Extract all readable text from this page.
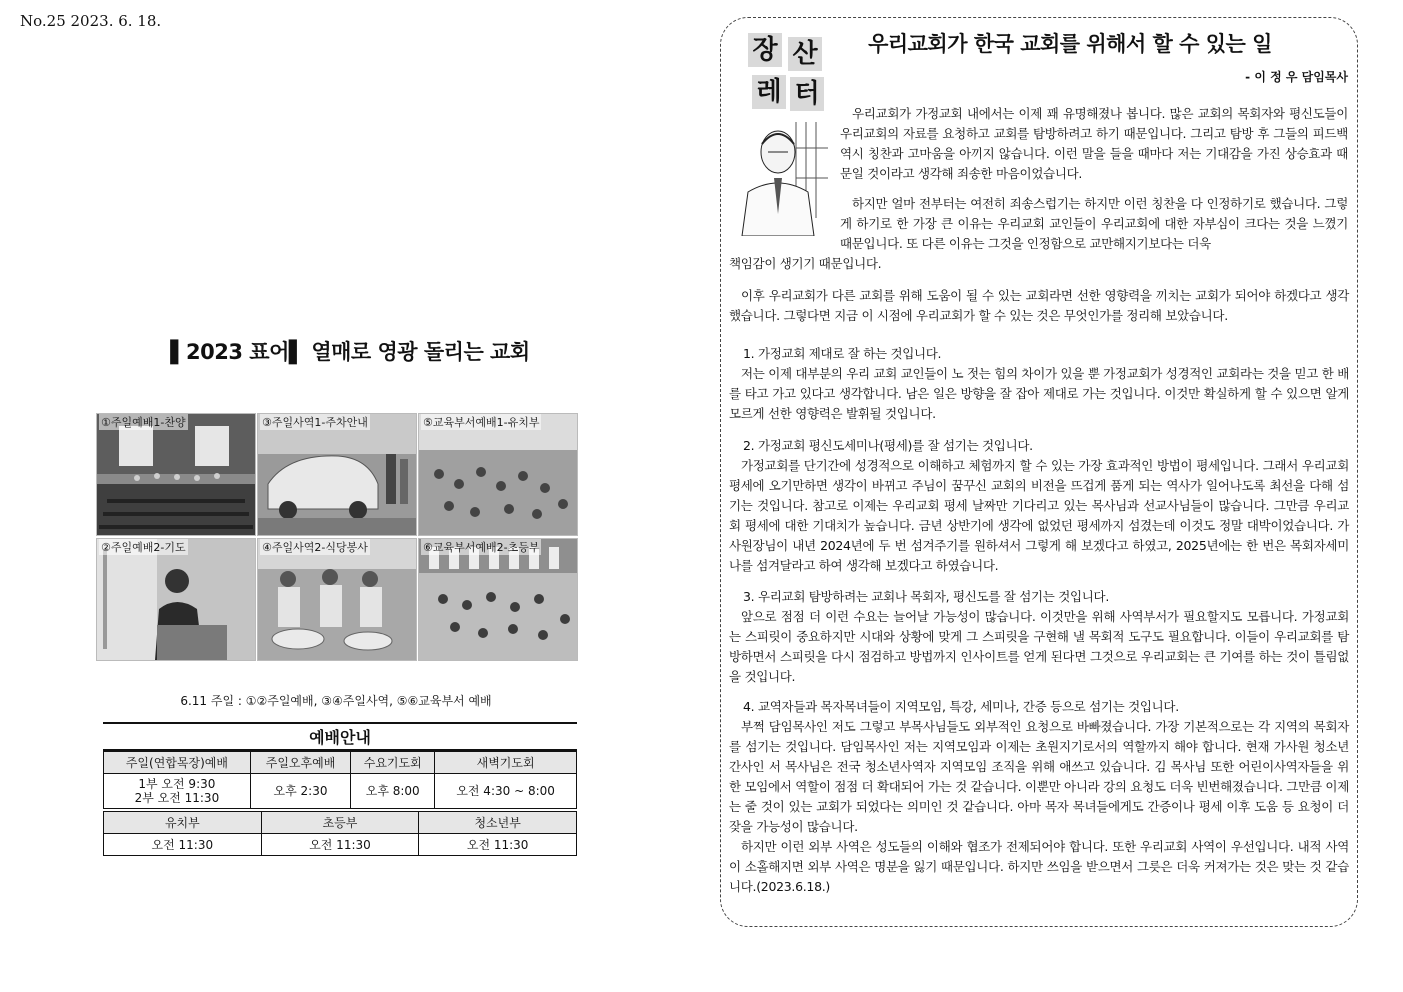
No.25 2023. 6. 18.
▌2023 표어▌ 열매로 영광 돌리는 교회
①주일예배1-찬양	③주일사역1-주차안내	⑤교육부서예배1-유치부
②주일예배2-기도	④주일사역2-식당봉사	⑥교육부서예배2-초등부
6.11 주일 : ①②주일예배, ③④주일사역, ⑤⑥교육부서 예배
예배안내
주일(연합목장)예배	주일오후예배	수요기도회	새벽기도회
1부 오전 9:30
2부 오전 11:30	오후 2:30	오후 8:00	오전 4:30 ~ 8:00
유치부	초등부	청소년부
오전 11:30	오전 11:30	오전 11:30
장 산
레 터
우리교회가 한국 교회를 위해서 할 수 있는 일
- 이 정 우 담임목사

우리교회가 가정교회 내에서는 이제 꽤 유명해졌나 봅니다. 많은 교회의 목회자와 평신도들이 우리교회의 자료를 요청하고 교회를 탐방하려고 하기 때문입니다. 그리고 탐방 후 그들의 피드백 역시 칭찬과 고마움을 아끼지 않습니다. 이런 말을 들을 때마다 저는 기대감을 가진 상승효과 때문일 것이라고 생각해 죄송한 마음이었습니다.

하지만 얼마 전부터는 여전히 죄송스럽기는 하지만 이런 칭찬을 다 인정하기로 했습니다. 그렇게 하기로 한 가장 큰 이유는 우리교회 교인들이 우리교회에 대한 자부심이 크다는 것을 느꼈기 때문입니다. 또 다른 이유는 그것을 인정함으로 교만해지기보다는 더욱

책임감이 생기기 때문입니다.

이후 우리교회가 다른 교회를 위해 도움이 될 수 있는 교회라면 선한 영향력을 끼치는 교회가 되어야 하겠다고 생각했습니다. 그렇다면 지금 이 시점에 우리교회가 할 수 있는 것은 무엇인가를 정리해 보았습니다.

1. 가정교회 제대로 잘 하는 것입니다.

저는 이제 대부분의 우리 교회 교인들이 노 젓는 힘의 차이가 있을 뿐 가정교회가 성경적인 교회라는 것을 믿고 한 배를 타고 가고 있다고 생각합니다. 남은 일은 방향을 잘 잡아 제대로 가는 것입니다. 이것만 확실하게 할 수 있으면 알게 모르게 선한 영향력은 발휘될 것입니다.

2. 가정교회 평신도세미나(평세)를 잘 섬기는 것입니다.

가정교회를 단기간에 성경적으로 이해하고 체험까지 할 수 있는 가장 효과적인 방법이 평세입니다. 그래서 우리교회 평세에 오기만하면 생각이 바뀌고 주님이 꿈꾸신 교회의 비전을 뜨겁게 품게 되는 역사가 일어나도록 최선을 다해 섬기는 것입니다. 참고로 이제는 우리교회 평세 날짜만 기다리고 있는 목사님과 선교사님들이 많습니다. 그만큼 우리교회 평세에 대한 기대치가 높습니다. 금년 상반기에 생각에 없었던 평세까지 섬겼는데 이것도 정말 대박이었습니다. 가사원장님이 내년 2024년에 두 번 섬겨주기를 원하셔서 그렇게 해 보겠다고 하였고, 2025년에는 한 번은 목회자세미나를 섬겨달라고 하여 생각해 보겠다고 하였습니다.

3. 우리교회 탐방하려는 교회나 목회자, 평신도를 잘 섬기는 것입니다.

앞으로 점점 더 이런 수요는 늘어날 가능성이 많습니다. 이것만을 위해 사역부서가 필요할지도 모릅니다. 가정교회는 스피릿이 중요하지만 시대와 상황에 맞게 그 스피릿을 구현해 낼 목회적 도구도 필요합니다. 이들이 우리교회를 탐방하면서 스피릿을 다시 점검하고 방법까지 인사이트를 얻게 된다면 그것으로 우리교회는 큰 기여를 하는 것이 틀림없을 것입니다.

4. 교역자들과 목자목녀들이 지역모임, 특강, 세미나, 간증 등으로 섬기는 것입니다.

부쩍 담임목사인 저도 그렇고 부목사님들도 외부적인 요청으로 바빠졌습니다. 가장 기본적으로는 각 지역의 목회자를 섬기는 것입니다. 담임목사인 저는 지역모임과 이제는 초원지기로서의 역할까지 해야 합니다. 현재 가사원 청소년 간사인 서 목사님은 전국 청소년사역자 지역모임 조직을 위해 애쓰고 있습니다. 김 목사님 또한 어린이사역자들을 위한 모임에서 역할이 점점 더 확대되어 가는 것 같습니다. 이뿐만 아니라 강의 요청도 더욱 빈번해졌습니다. 그만큼 이제는 줄 것이 있는 교회가 되었다는 의미인 것 같습니다. 아마 목자 목녀들에게도 간증이나 평세 이후 도움 등 요청이 더 잦을 가능성이 많습니다.

하지만 이런 외부 사역은 성도들의 이해와 협조가 전제되어야 합니다. 또한 우리교회 사역이 우선입니다. 내적 사역이 소홀해지면 외부 사역은 명분을 잃기 때문입니다. 하지만 쓰임을 받으면서 그릇은 더욱 커져가는 것은 맞는 것 같습니다.(2023.6.18.)
